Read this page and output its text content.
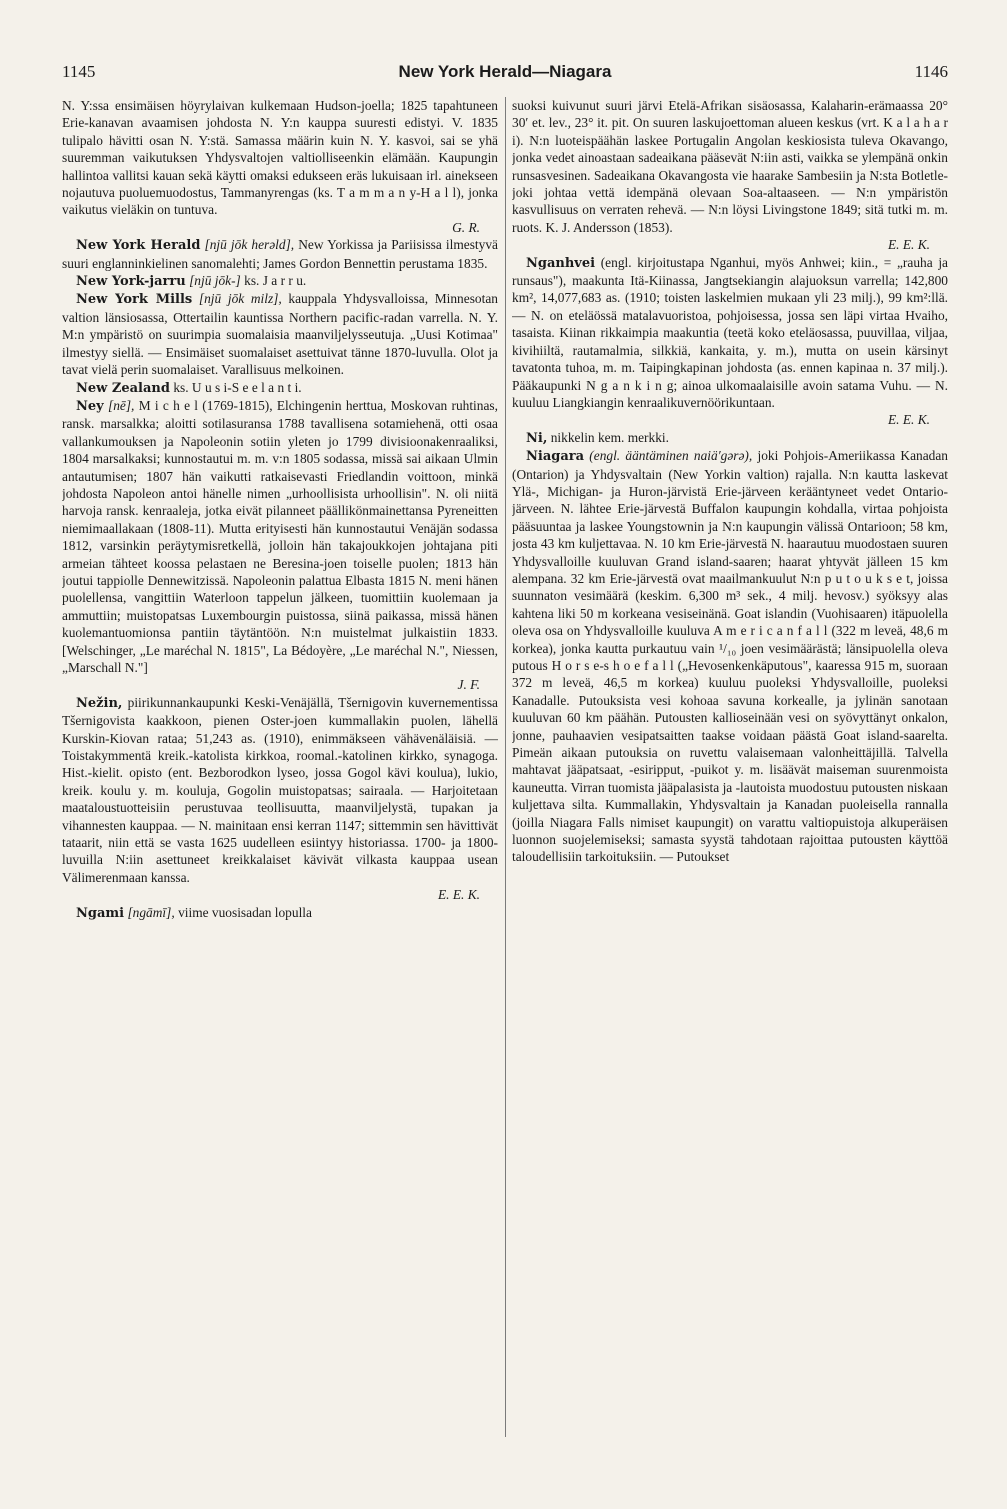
1145	New York Herald—Niagara	1146

N. Y:ssa ensimäisen höyrylaivan kulkemaan Hudson-joella; 1825 tapahtuneen Erie-kanavan avaamisen johdosta N. Y:n kauppa suuresti edistyi. V. 1835 tulipalo hävitti osan N. Y:stä. Samassa määrin kuin N. Y. kasvoi, sai se yhä suuremman vaikutuksen Yhdysvaltojen valtiolliseenkin elämään. Kaupungin hallintoa vallitsi kauan sekä käytti omaksi edukseen eräs lukuisaan irl. ainekseen nojautuva puoluemuodostus, Tammanyrengas (ks. T a m m a n y-H a l l), jonka vaikutus vieläkin on tuntuva.
G. R.

New York Herald [njū jōk herəld], New Yorkissa ja Pariisissa ilmestyvä suuri englanninkielinen sanomalehti; James Gordon Bennettin perustama 1835.

New York-jarru [njū jōk-] ks. J a r r u.

New York Mills [njū jōk milz], kauppala Yhdysvalloissa, Minnesotan valtion länsiosassa, Ottertailin kauntissa Northern pacific-radan varrella. N. Y. M:n ympäristö on suurimpia suomalaisia maanviljelysseutuja. „Uusi Kotimaa" ilmestyy siellä. — Ensimäiset suomalaiset asettuivat tänne 1870-luvulla. Olot ja tavat vielä perin suomalaiset. Varallisuus melkoinen.

New Zealand ks. U u s i-S e e l a n t i.

Ney [nē], M i c h e l (1769-1815), Elchingenin herttua, Moskovan ruhtinas, ransk. marsalkka; aloitti sotilasuransa 1788 tavallisena sotamiehenä, otti osaa vallankumouksen ja Napoleonin sotiin yleten jo 1799 divisioonakenraaliksi, 1804 marsalkaksi; kunnostautui m. m. v:n 1805 sodassa, missä sai aikaan Ulmin antautumisen; 1807 hän vaikutti ratkaisevasti Friedlandin voittoon, minkä johdosta Napoleon antoi hänelle nimen „urhoollisista urhoollisin". N. oli niitä harvoja ransk. kenraaleja, jotka eivät pilanneet päällikönmainettansa Pyreneitten niemimaallakaan (1808-11). Mutta erityisesti hän kunnostautui Venäjän sodassa 1812, varsinkin peräytymisretkellä, jolloin hän takajoukkojen johtajana piti armeian tähteet koossa pelastaen ne Beresina-joen toiselle puolen; 1813 hän joutui tappiolle Dennewitzissä. Napoleonin palattua Elbasta 1815 N. meni hänen puolellensa, vangittiin Waterloon tappelun jälkeen, tuomittiin kuolemaan ja ammuttiin; muistopatsas Luxembourgin puistossa, siinä paikassa, missä hänen kuolemantuomionsa pantiin täytäntöön. N:n muistelmat julkaistiin 1833. [Welschinger, „Le maréchal N. 1815", La Bédoyère, „Le maréchal N.", Niessen, „Marschall N."]
J. F.

Nežin, piirikunnankaupunki Keski-Venäjällä, Tšernigovin kuvernementissa Tšernigovista kaakkoon, pienen Oster-joen kummallakin puolen, lähellä Kurskin-Kiovan rataa; 51,243 as. (1910), enimmäkseen vähävenäläisiä. — Toistakymmentä kreik.-katolista kirkkoa, roomal.-katolinen kirkko, synagoga. Hist.-kielit. opisto (ent. Bezborodkon lyseo, jossa Gogol kävi koulua), lukio, kreik. koulu y. m. kouluja, Gogolin muistopatsas; sairaala. — Harjoitetaan maataloustuotteisiin perustuvaa teollisuutta, maanviljelystä, tupakan ja vihannesten kauppaa. — N. mainitaan ensi kerran 1147; sittemmin sen hävittivät tataarit, niin että se vasta 1625 uudelleen esiintyy historiassa. 1700- ja 1800-luvuilla N:iin asettuneet kreikkalaiset kävivät vilkasta kauppaa usean Välimerenmaan kanssa.
E. E. K.

Ngami [ngāmī], viime vuosisadan lopulla

suoksi kuivunut suuri järvi Etelä-Afrikan sisäosassa, Kalaharin-erämaassa 20° 30′ et. lev., 23° it. pit. On suuren laskujoettoman alueen keskus (vrt. K a l a h a r i). N:n luoteispäähän laskee Portugalin Angolan keskiosista tuleva Okavango, jonka vedet ainoastaan sadeaikana pääsevät N:iin asti, vaikka se ylempänä onkin runsasvesinen. Sadeaikana Okavangosta vie haarake Sambesiin ja N:sta Botletle-joki johtaa vettä idempänä olevaan Soa-altaaseen. — N:n ympäristön kasvullisuus on verraten rehevä. — N:n löysi Livingstone 1849; sitä tutki m. m. ruots. K. J. Andersson (1853).
E. E. K.

Nganhvei (engl. kirjoitustapa Nganhui, myös Anhwei; kiin., = „rauha ja runsaus"), maakunta Itä-Kiinassa, Jangtsekiangin alajuoksun varrella; 142,800 km², 14,077,683 as. (1910; toisten laskelmien mukaan yli 23 milj.), 99 km²:llä. — N. on eteläössä matalavuoristoa, pohjoisessa, jossa sen läpi virtaa Hvaiho, tasaista. Kiinan rikkaimpia maakuntia (teetä koko eteläosassa, puuvillaa, viljaa, kivihiiltä, rautamalmia, silkkiä, kankaita, y. m.), mutta on usein kärsinyt tavatonta tuhoa, m. m. Taipingkapinan johdosta (as. ennen kapinaa n. 37 milj.). Pääkaupunki N g a n k i n g; ainoa ulkomaalaisille avoin satama Vuhu. — N. kuuluu Liangkiangin kenraalikuvernöörikuntaan.
E. E. K.

Ni, nikkelin kem. merkki.

Niagara (engl. ääntäminen naiä′gərə), joki Pohjois-Ameriikassa Kanadan (Ontarion) ja Yhdysvaltain (New Yorkin valtion) rajalla. N:n kautta laskevat Ylä-, Michigan- ja Huron-järvistä Erie-järveen kerääntyneet vedet Ontario-järveen. N. lähtee Erie-järvestä Buffalon kaupungin kohdalla, virtaa pohjoista pääsuuntaa ja laskee Youngstownin ja N:n kaupungin välissä Ontarioon; 58 km, josta 43 km kuljettavaa. N. 10 km Erie-järvestä N. haarautuu muodostaen suuren Yhdysvalloille kuuluvan Grand island-saaren; haarat yhtyvät jälleen 15 km alempana. 32 km Erie-järvestä ovat maailmankuulut N:n p u t o u k s e t, joissa suunnaton vesimäärä (keskim. 6,300 m³ sek., 4 milj. hevosv.) syöksyy alas kahtena liki 50 m korkeana vesiseinänä. Goat islandin (Vuohisaaren) itäpuolella oleva osa on Yhdysvalloille kuuluva A m e r i c a n f a l l (322 m leveä, 48,6 m korkea), jonka kautta purkautuu vain ¹/₁₀ joen vesimäärästä; länsipuolella oleva putous H o r s e-s h o e f a l l („Hevosenkenkäputous", kaaressa 915 m, suoraan 372 m leveä, 46,5 m korkea) kuuluu puoleksi Yhdysvalloille, puoleksi Kanadalle. Putouksista vesi kohoaa savuna korkealle, ja jylinän sanotaan kuuluvan 60 km päähän. Putousten kallioseinään vesi on syövyttänyt onkalon, jonne, pauhaavien vesipatsaitten taakse voidaan päästä Goat island-saarelta. Pimeän aikaan putouksia on ruvettu valaisemaan valonheittäjillä. Talvella mahtavat jääpatsaat, -esiripput, -puikot y. m. lisäävät maiseman suurenmoista kauneutta. Virran tuomista jääpalasista ja -lautoista muodostuu putousten niskaan kuljettava silta. Kummallakin, Yhdysvaltain ja Kanadan puoleisella rannalla (joilla Niagara Falls nimiset kaupungit) on varattu valtiopuistoja alkuperäisen luonnon suojelemiseksi; samasta syystä tahdotaan rajoittaa putousten käyttöä taloudellisiin tarkoituksiin. — Putoukset
